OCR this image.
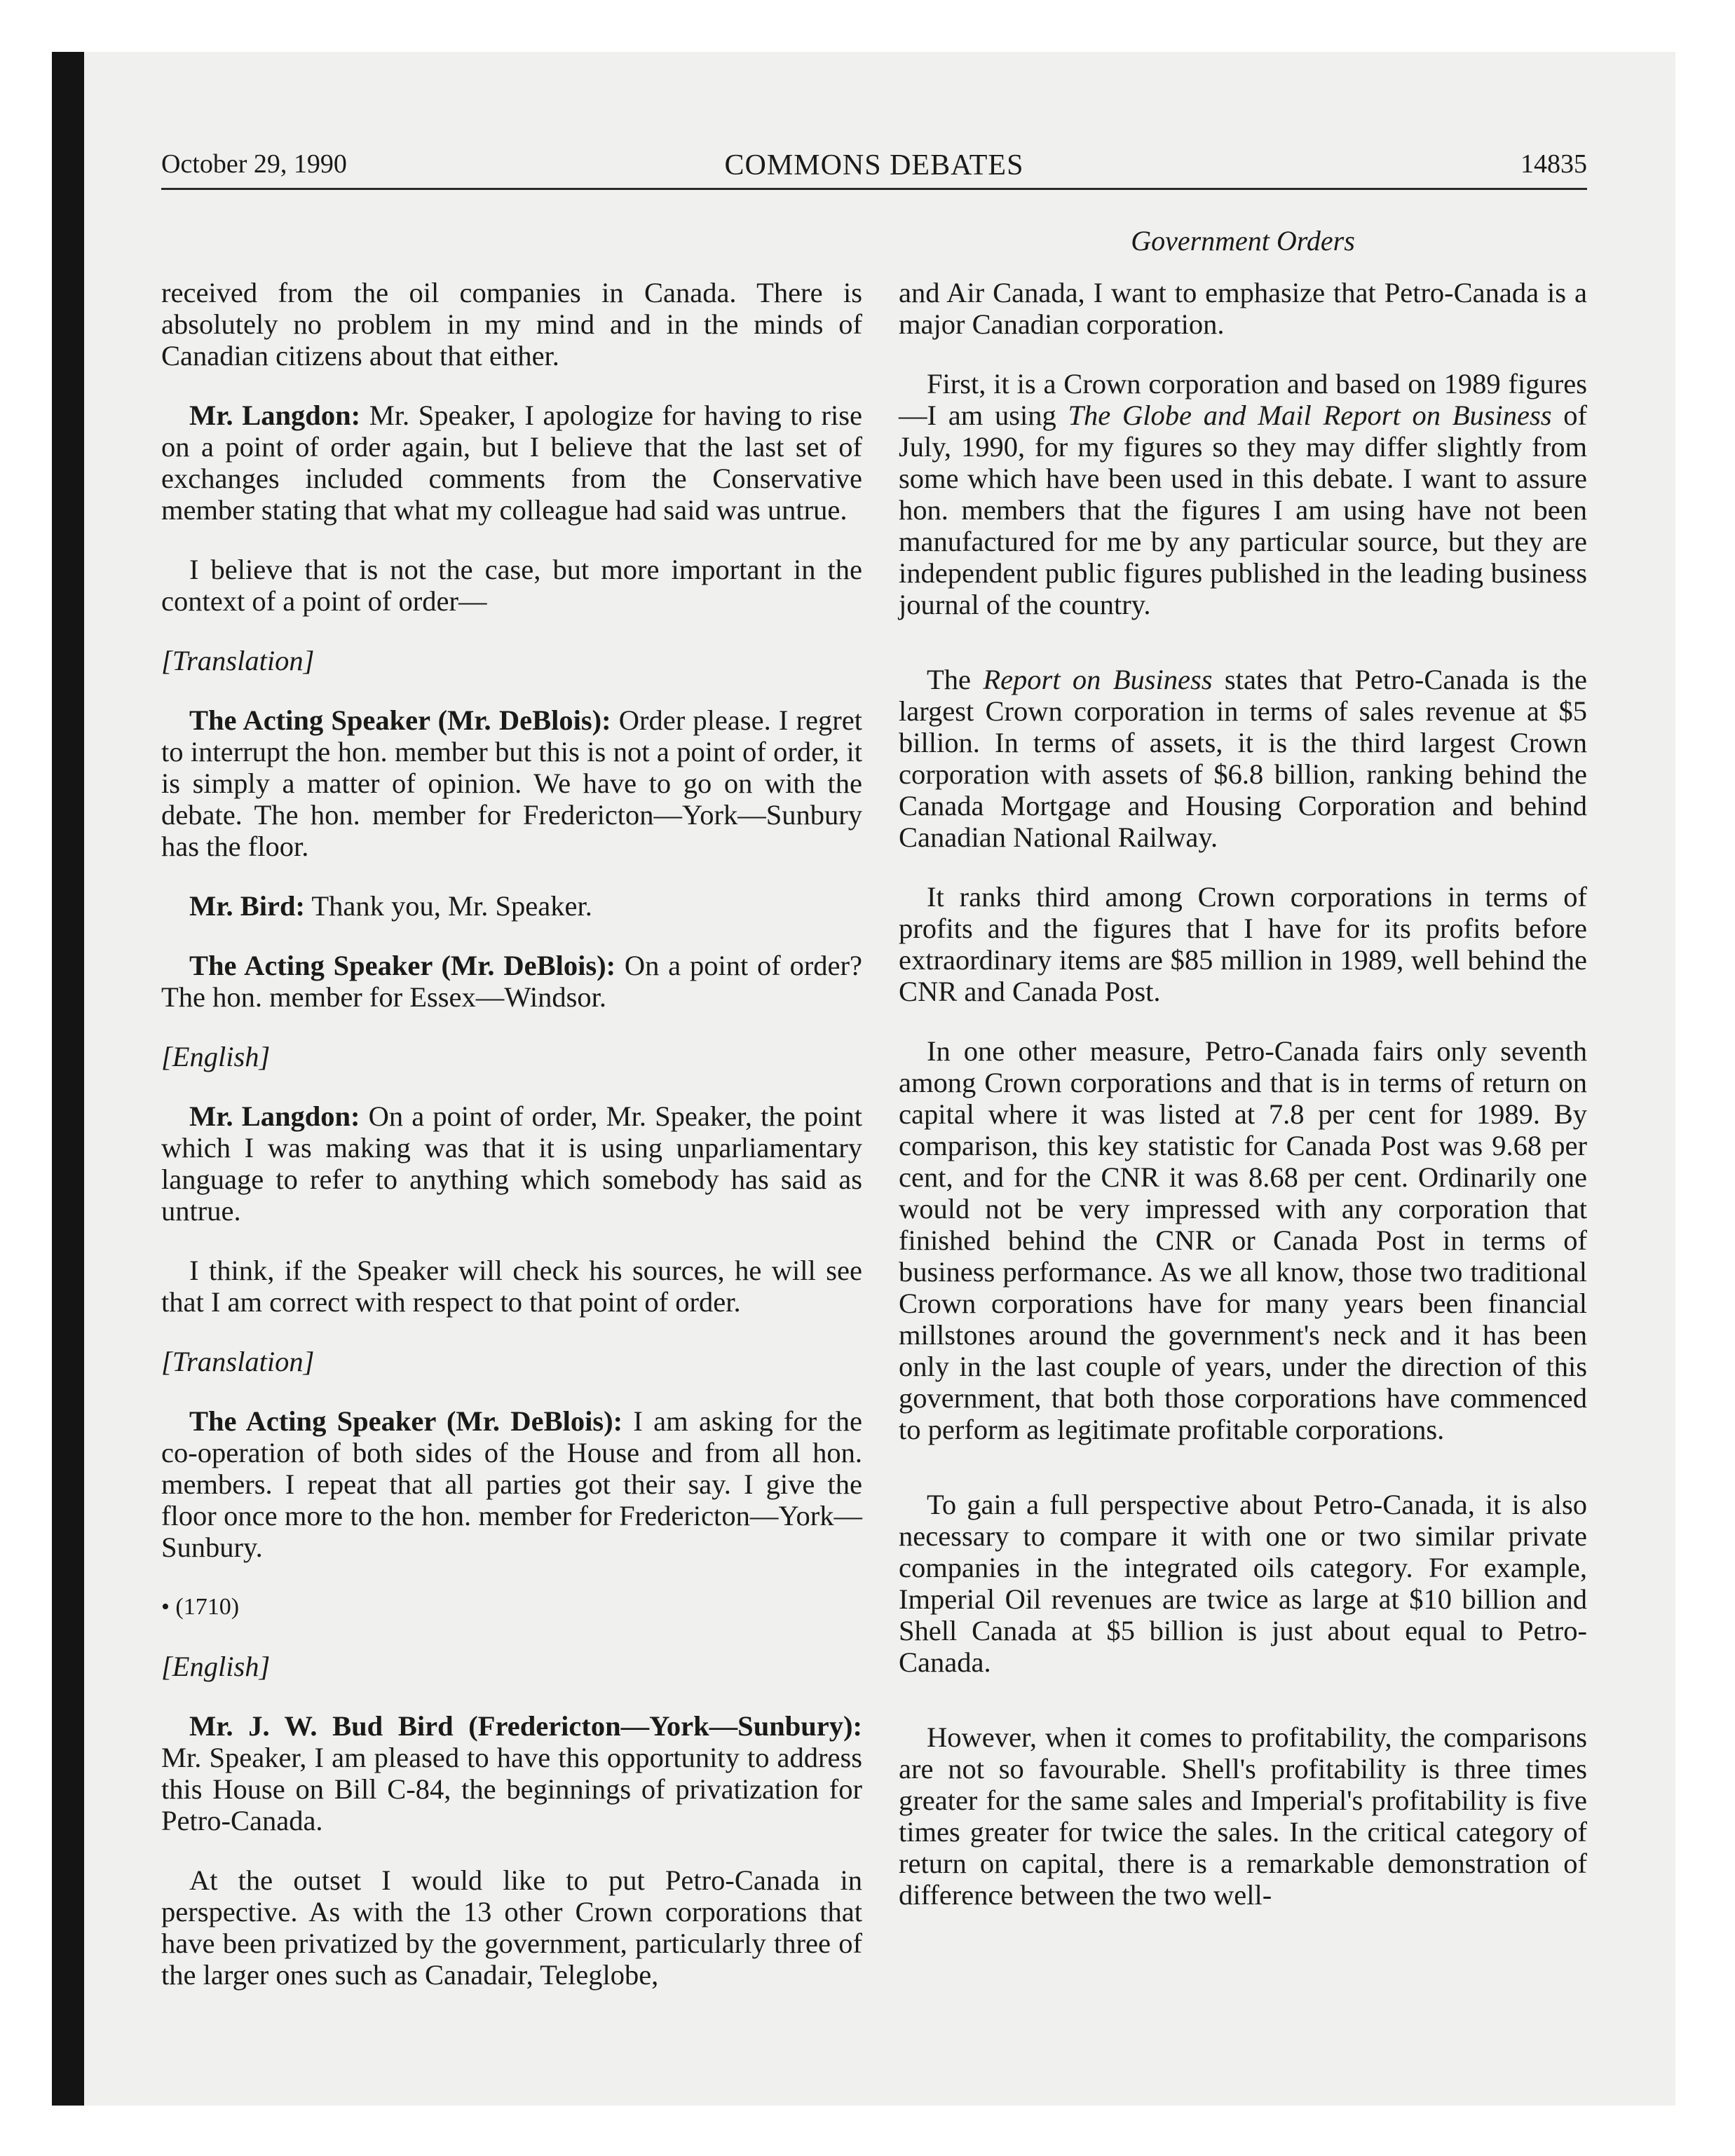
October 29, 1990	COMMONS DEBATES	14835
Government Orders

received from the oil companies in Canada. There is absolutely no problem in my mind and in the minds of Canadian citizens about that either.

Mr. Langdon: Mr. Speaker, I apologize for having to rise on a point of order again, but I believe that the last set of exchanges included comments from the Conservative member stating that what my colleague had said was untrue.

I believe that is not the case, but more important in the context of a point of order—

[Translation]

The Acting Speaker (Mr. DeBlois): Order please. I regret to interrupt the hon. member but this is not a point of order, it is simply a matter of opinion. We have to go on with the debate. The hon. member for Fredericton—York—Sunbury has the floor.

Mr. Bird: Thank you, Mr. Speaker.

The Acting Speaker (Mr. DeBlois): On a point of order? The hon. member for Essex—Windsor.

[English]

Mr. Langdon: On a point of order, Mr. Speaker, the point which I was making was that it is using unparliamentary language to refer to anything which somebody has said as untrue.

I think, if the Speaker will check his sources, he will see that I am correct with respect to that point of order.

[Translation]

The Acting Speaker (Mr. DeBlois): I am asking for the co-operation of both sides of the House and from all hon. members. I repeat that all parties got their say. I give the floor once more to the hon. member for Fredericton—York—Sunbury.

• (1710)

[English]

Mr. J. W. Bud Bird (Fredericton—York—Sunbury): Mr. Speaker, I am pleased to have this opportunity to address this House on Bill C-84, the beginnings of privatization for Petro-Canada.

At the outset I would like to put Petro-Canada in perspective. As with the 13 other Crown corporations that have been privatized by the government, particularly three of the larger ones such as Canadair, Teleglobe,

and Air Canada, I want to emphasize that Petro-Canada is a major Canadian corporation.

First, it is a Crown corporation and based on 1989 figures—I am using The Globe and Mail Report on Business of July, 1990, for my figures so they may differ slightly from some which have been used in this debate. I want to assure hon. members that the figures I am using have not been manufactured for me by any particular source, but they are independent public figures published in the leading business journal of the country.

The Report on Business states that Petro-Canada is the largest Crown corporation in terms of sales revenue at $5 billion. In terms of assets, it is the third largest Crown corporation with assets of $6.8 billion, ranking behind the Canada Mortgage and Housing Corporation and behind Canadian National Railway.

It ranks third among Crown corporations in terms of profits and the figures that I have for its profits before extraordinary items are $85 million in 1989, well behind the CNR and Canada Post.

In one other measure, Petro-Canada fairs only seventh among Crown corporations and that is in terms of return on capital where it was listed at 7.8 per cent for 1989. By comparison, this key statistic for Canada Post was 9.68 per cent, and for the CNR it was 8.68 per cent. Ordinarily one would not be very impressed with any corporation that finished behind the CNR or Canada Post in terms of business performance. As we all know, those two traditional Crown corporations have for many years been financial millstones around the government's neck and it has been only in the last couple of years, under the direction of this government, that both those corporations have commenced to perform as legitimate profitable corporations.

To gain a full perspective about Petro-Canada, it is also necessary to compare it with one or two similar private companies in the integrated oils category. For example, Imperial Oil revenues are twice as large at $10 billion and Shell Canada at $5 billion is just about equal to Petro-Canada.

However, when it comes to profitability, the comparisons are not so favourable. Shell's profitability is three times greater for the same sales and Imperial's profitability is five times greater for twice the sales. In the critical category of return on capital, there is a remarkable demonstration of difference between the two well-
